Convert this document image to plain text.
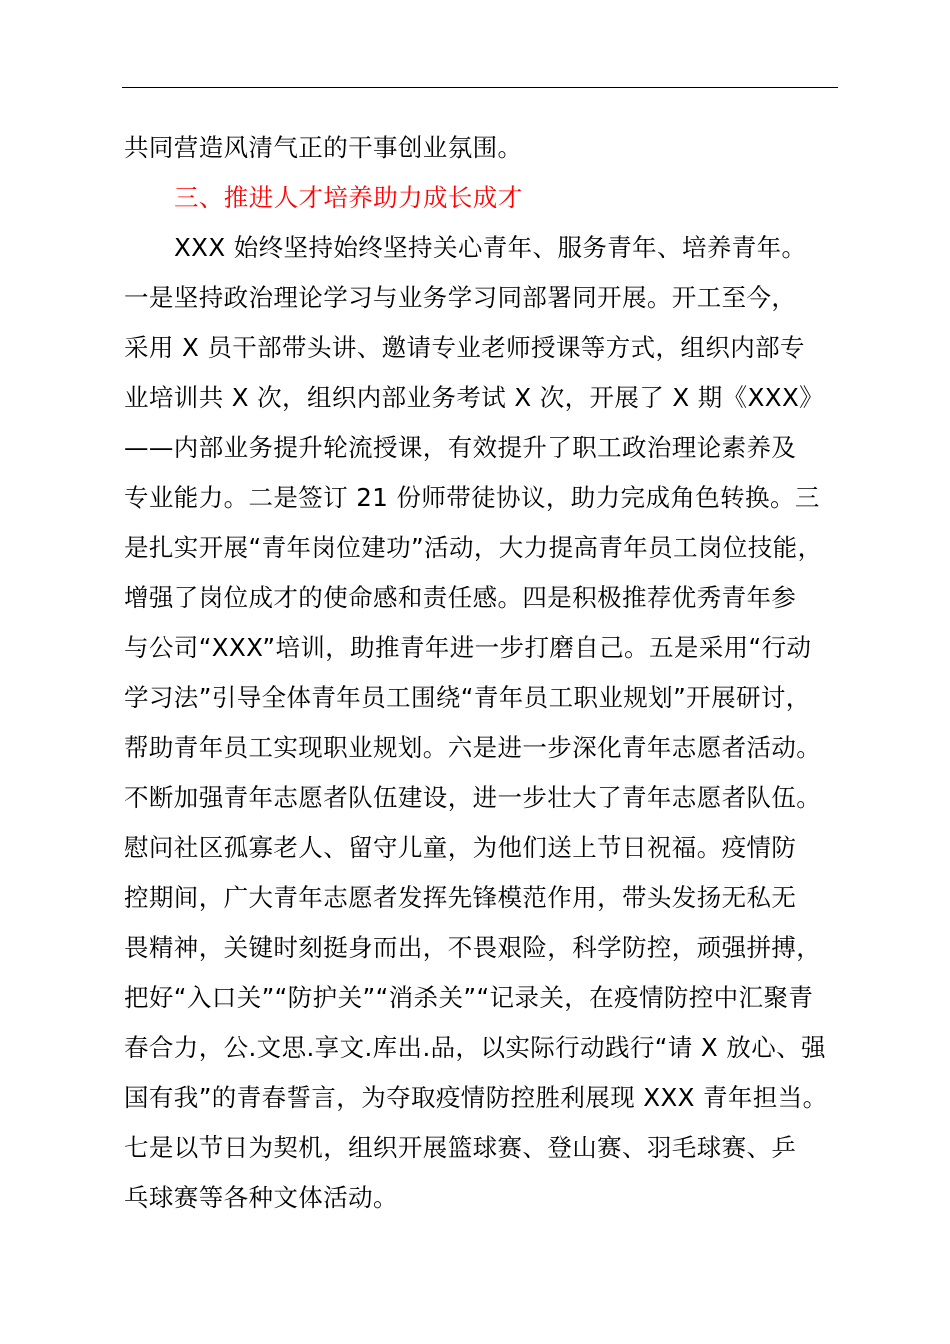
共同营造风清气正的干事创业氛围。
三、推进人才培养助力成长成才
XXX 始终坚持始终坚持关心青年、服务青年、培养青年。
一是坚持政治理论学习与业务学习同部署同开展。开工至今，
采用 X 员干部带头讲、邀请专业老师授课等方式，组织内部专
业培训共 X 次，组织内部业务考试 X 次，开展了 X 期《XXX》
——内部业务提升轮流授课，有效提升了职工政治理论素养及
专业能力。二是签订 21 份师带徒协议，助力完成角色转换。三
是扎实开展“青年岗位建功”活动，大力提高青年员工岗位技能，
增强了岗位成才的使命感和责任感。四是积极推荐优秀青年参
与公司“XXX”培训，助推青年进一步打磨自己。五是采用“行动
学习法”引导全体青年员工围绕“青年员工职业规划”开展研讨，
帮助青年员工实现职业规划。六是进一步深化青年志愿者活动。
不断加强青年志愿者队伍建设，进一步壮大了青年志愿者队伍。
慰问社区孤寡老人、留守儿童，为他们送上节日祝福。疫情防
控期间，广大青年志愿者发挥先锋模范作用，带头发扬无私无
畏精神，关键时刻挺身而出，不畏艰险，科学防控，顽强拼搏，
把好“入口关”“防护关”“消杀关”“记录关，在疫情防控中汇聚青
春合力，公.文思.享文.库出.品，以实际行动践行“请 X 放心、强
国有我”的青春誓言，为夺取疫情防控胜利展现 XXX 青年担当。
七是以节日为契机，组织开展篮球赛、登山赛、羽毛球赛、乒
乓球赛等各种文体活动。
